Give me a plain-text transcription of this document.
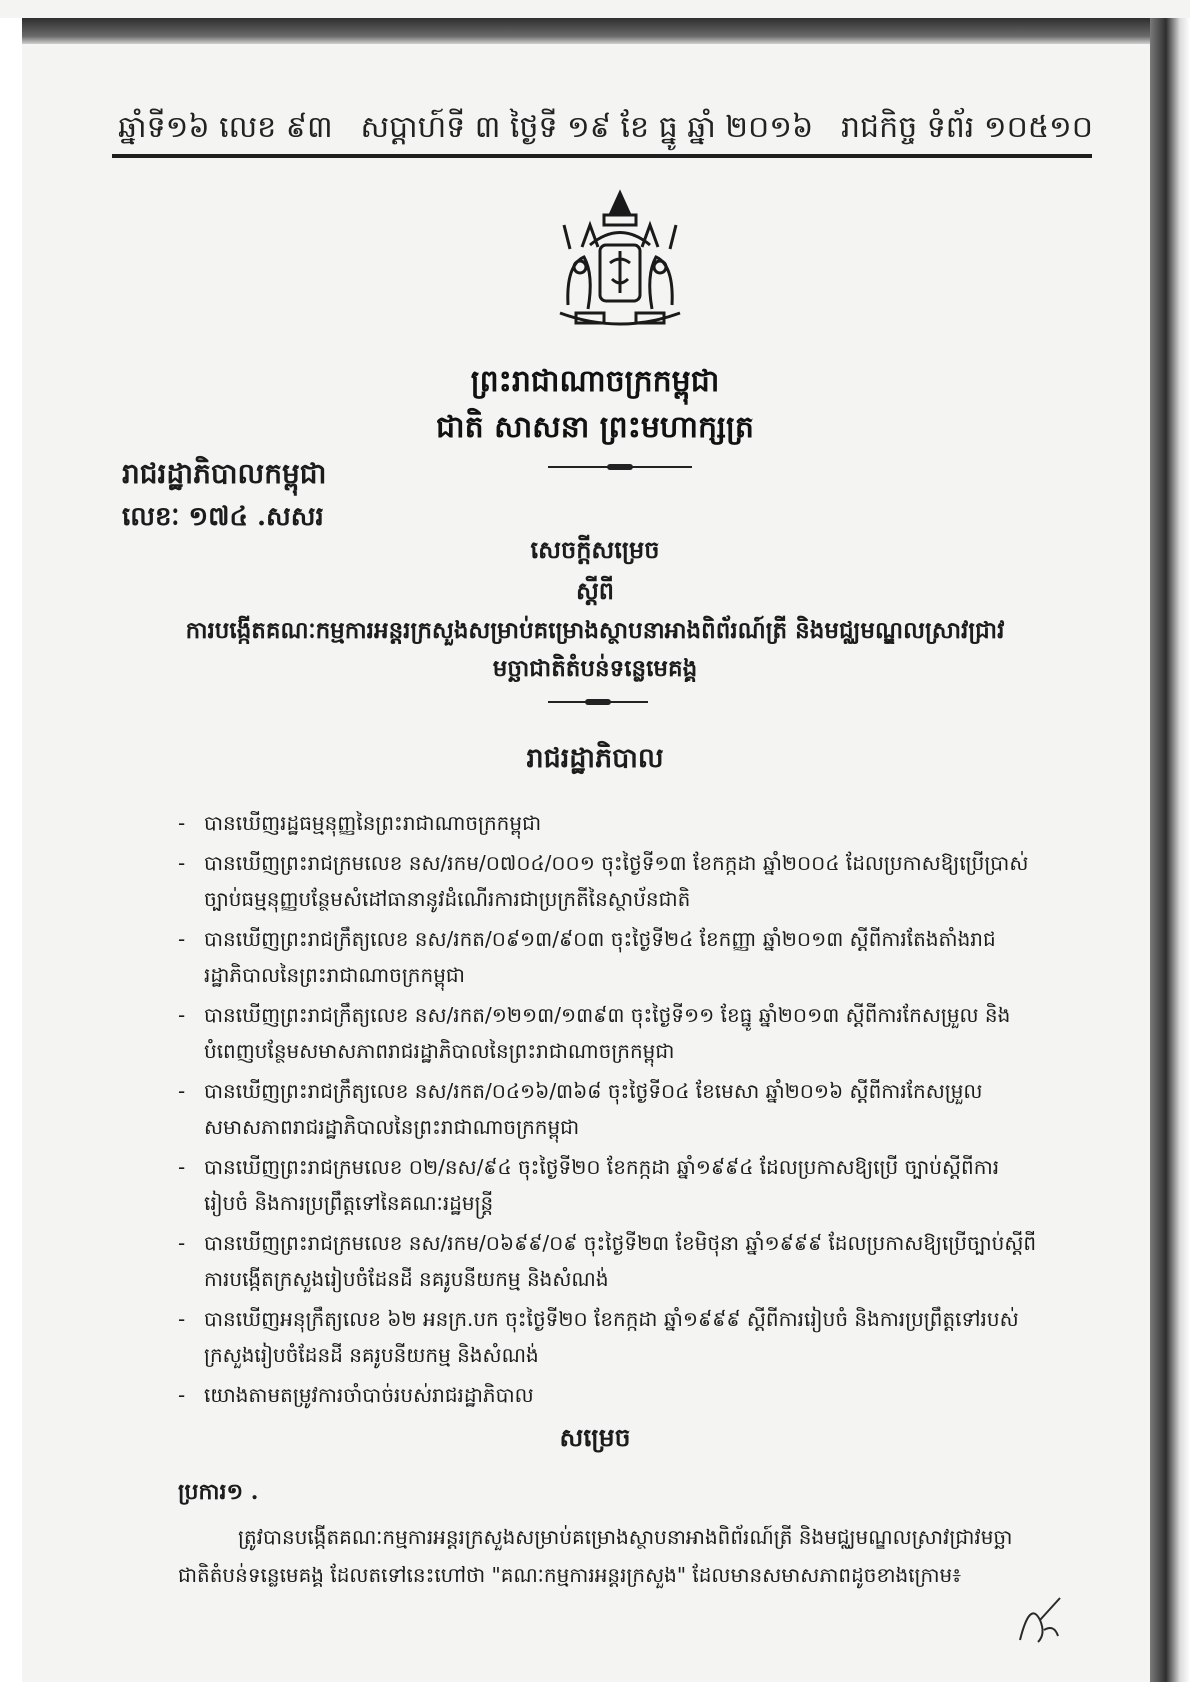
ឆ្នាំទី១៦ លេខ ៩៣ សប្ដាហ៍ទី ៣ ថ្ងៃទី ១៩ ខែ ធ្នូ ឆ្នាំ ២០១៦ រាជកិច្ច ទំព័រ ១០៥១០
ព្រះរាជាណាចក្រកម្ពុជា
ជាតិ សាសនា ព្រះមហាក្សត្រ
រាជរដ្ឋាភិបាលកម្ពុជា
លេខៈ ១៧៤ .សសរ
សេចក្ដីសម្រេច
ស្ដីពី
ការបង្កើតគណៈកម្មការអន្តរក្រសួងសម្រាប់គម្រោងស្ថាបនាអាងពិព័រណ៍ត្រី និងមជ្ឈមណ្ឌលស្រាវជ្រាវ
មច្ឆាជាតិតំបន់ទន្លេមេគង្គ
រាជរដ្ឋាភិបាល
- បានឃើញរដ្ឋធម្មនុញ្ញនៃព្រះរាជាណាចក្រកម្ពុជា
- បានឃើញព្រះរាជក្រមលេខ នស/រកម/០៧០៤/០០១ ចុះថ្ងៃទី១៣ ខែកក្កដា ឆ្នាំ២០០៤ ដែលប្រកាសឱ្យប្រើប្រាស់ច្បាប់ធម្មនុញ្ញបន្ថែមសំដៅធានានូវដំណើរការជាប្រក្រតីនៃស្ថាប័នជាតិ
- បានឃើញព្រះរាជក្រឹត្យលេខ នស/រកត/០៩១៣/៩០៣ ចុះថ្ងៃទី២៤ ខែកញ្ញា ឆ្នាំ២០១៣ ស្ដីពីការតែងតាំងរាជរដ្ឋាភិបាលនៃព្រះរាជាណាចក្រកម្ពុជា
- បានឃើញព្រះរាជក្រឹត្យលេខ នស/រកត/១២១៣/១៣៩៣ ចុះថ្ងៃទី១១ ខែធ្នូ ឆ្នាំ២០១៣ ស្ដីពីការកែសម្រួល និងបំពេញបន្ថែមសមាសភាពរាជរដ្ឋាភិបាលនៃព្រះរាជាណាចក្រកម្ពុជា
- បានឃើញព្រះរាជក្រឹត្យលេខ នស/រកត/០៤១៦/៣៦៨ ចុះថ្ងៃទី០៤ ខែមេសា ឆ្នាំ២០១៦ ស្ដីពីការកែសម្រួលសមាសភាពរាជរដ្ឋាភិបាលនៃព្រះរាជាណាចក្រកម្ពុជា
- បានឃើញព្រះរាជក្រមលេខ ០២/នស/៩៤ ចុះថ្ងៃទី២០ ខែកក្កដា ឆ្នាំ១៩៩៤ ដែលប្រកាសឱ្យប្រើ ច្បាប់ស្ដីពីការរៀបចំ និងការប្រព្រឹត្តទៅនៃគណៈរដ្ឋមន្ត្រី
- បានឃើញព្រះរាជក្រមលេខ នស/រកម/០៦៩៩/០៩ ចុះថ្ងៃទី២៣ ខែមិថុនា ឆ្នាំ១៩៩៩ ដែលប្រកាសឱ្យប្រើច្បាប់ស្ដីពីការបង្កើតក្រសួងរៀបចំដែនដី នគរូបនីយកម្ម និងសំណង់
- បានឃើញអនុក្រឹត្យលេខ ៦២ អនក្រ.បក ចុះថ្ងៃទី២០ ខែកក្កដា ឆ្នាំ១៩៩៩ ស្ដីពីការរៀបចំ និងការប្រព្រឹត្តទៅរបស់ក្រសួងរៀបចំដែនដី នគរូបនីយកម្ម និងសំណង់
- យោងតាមតម្រូវការចាំបាច់របស់រាជរដ្ឋាភិបាល
សម្រេច
ប្រការ១ .
ត្រូវបានបង្កើតគណៈកម្មការអន្តរក្រសួងសម្រាប់គម្រោងស្ថាបនាអាងពិព័រណ៍ត្រី និងមជ្ឈមណ្ឌលស្រាវជ្រាវមច្ឆាជាតិតំបន់ទន្លេមេគង្គ ដែលតទៅនេះហៅថា "គណៈកម្មការអន្តរក្រសួង" ដែលមានសមាសភាពដូចខាងក្រោម៖
